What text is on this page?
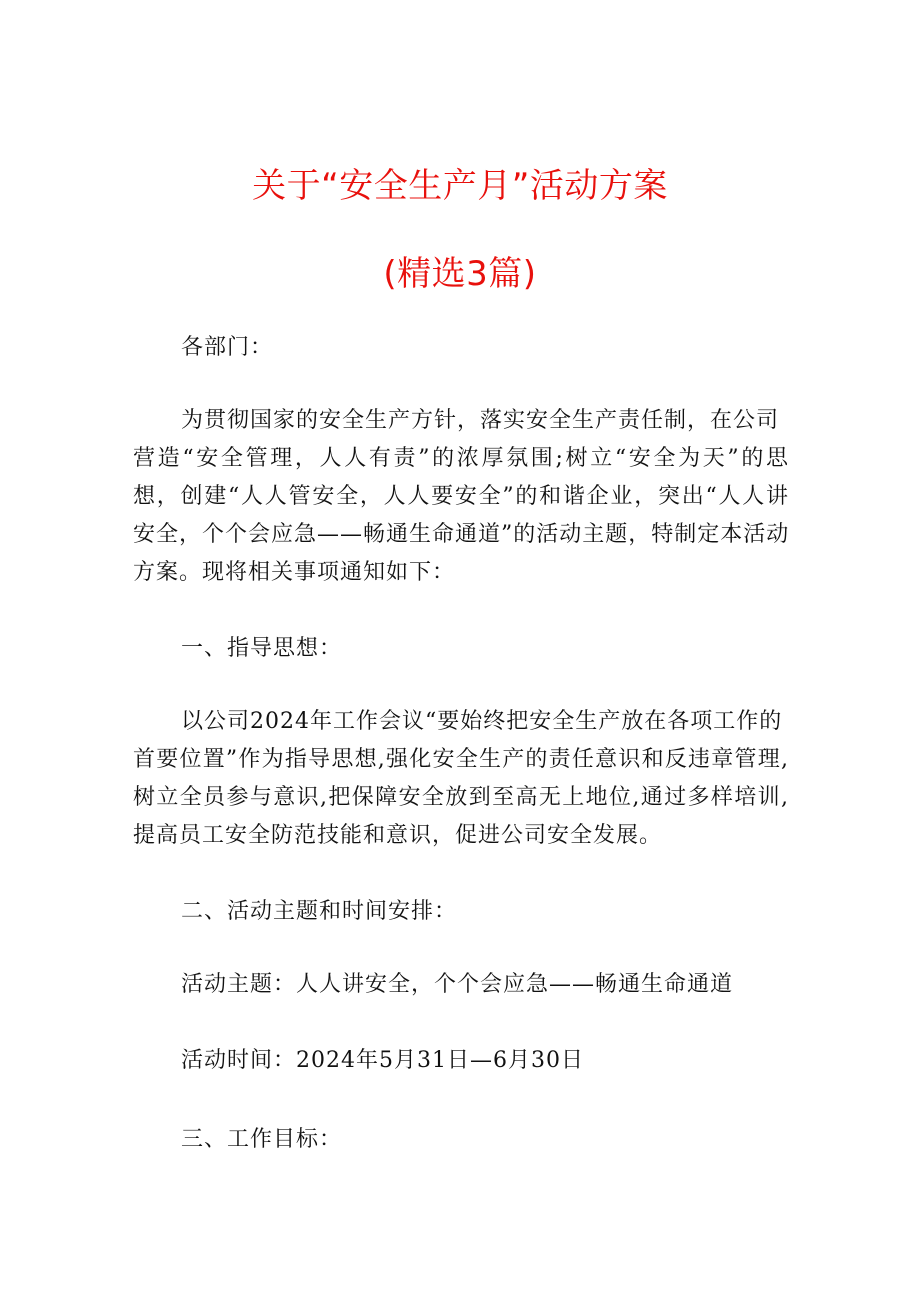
关于“安全生产月”活动方案
(精选3篇)
各部门：
为贯彻国家的安全生产方针，落实安全生产责任制，在公司
营造“安全管理，人人有责”的浓厚氛围;树立“安全为天”的思
想，创建“人人管安全，人人要安全”的和谐企业，突出“人人讲
安全，个个会应急——畅通生命通道”的活动主题，特制定本活动
方案。现将相关事项通知如下：
一、指导思想：
以公司2024年工作会议“要始终把安全生产放在各项工作的
首要位置”作为指导思想,强化安全生产的责任意识和反违章管理,
树立全员参与意识,把保障安全放到至高无上地位,通过多样培训,
提高员工安全防范技能和意识，促进公司安全发展。
二、活动主题和时间安排：
活动主题：人人讲安全，个个会应急——畅通生命通道
活动时间：2024年5月31日—6月30日
三、工作目标：
